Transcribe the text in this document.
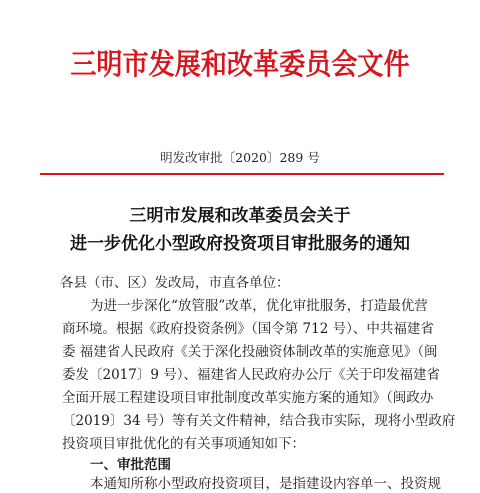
三明市发展和改革委员会文件
明发改审批〔2020〕289 号
三明市发展和改革委员会关于
进一步优化小型政府投资项目审批服务的通知
各县（市、区）发改局，市直各单位：
为进一步深化“放管服”改革，优化审批服务，打造最优营
商环境。根据《政府投资条例》（国令第 712 号）、中共福建省
委 福建省人民政府《关于深化投融资体制改革的实施意见》（闽
委发〔2017〕9 号）、福建省人民政府办公厅《关于印发福建省
全面开展工程建设项目审批制度改革实施方案的通知》（闽政办
〔2019〕34 号）等有关文件精神，结合我市实际，现将小型政府
投资项目审批优化的有关事项通知如下：
一、审批范围
本通知所称小型政府投资项目，是指建设内容单一、投资规
